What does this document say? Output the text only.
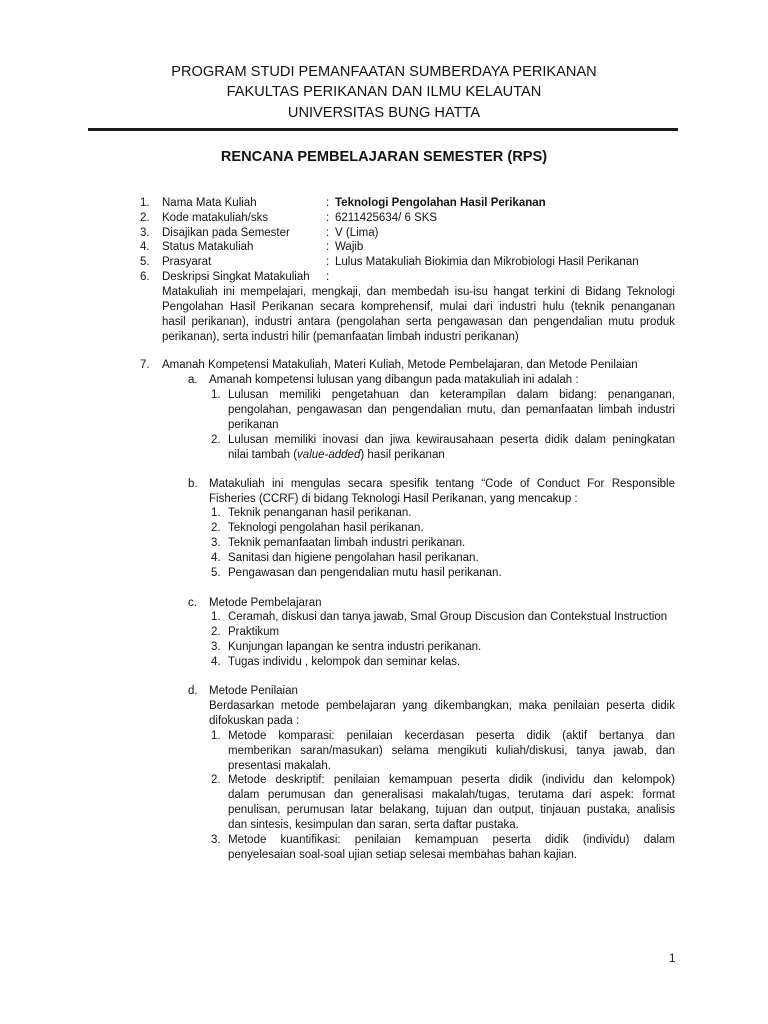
PROGRAM STUDI PEMANFAATAN SUMBERDAYA PERIKANAN
FAKULTAS PERIKANAN DAN ILMU KELAUTAN
UNIVERSITAS BUNG HATTA
RENCANA PEMBELAJARAN SEMESTER (RPS)
1. Nama Mata Kuliah	: Teknologi Pengolahan Hasil Perikanan
2. Kode matakuliah/sks	: 6211425634/ 6 SKS
3. Disajikan pada Semester	: V (Lima)
4. Status Matakuliah	: Wajib
5. Prasyarat	: Lulus Matakuliah Biokimia dan Mikrobiologi Hasil Perikanan
6. Deskripsi Singkat Matakuliah :
Matakuliah ini mempelajari, mengkaji, dan membedah isu-isu hangat terkini di Bidang Teknologi
Pengolahan Hasil Perikanan secara komprehensif, mulai dari industri hulu (teknik penanganan
hasil perikanan), industri antara (pengolahan serta pengawasan dan pengendalian mutu produk
perikanan), serta industri hilir (pemanfaatan limbah industri perikanan)
7. Amanah Kompetensi Matakuliah, Materi Kuliah, Metode Pembelajaran, dan Metode Penilaian
a. Amanah kompetensi lulusan yang dibangun pada matakuliah ini adalah :
1. Lulusan memiliki pengetahuan dan keterampilan dalam bidang: penanganan,
pengolahan, pengawasan dan pengendalian mutu, dan pemanfaatan limbah industri
perikanan
2. Lulusan memiliki inovasi dan jiwa kewirausahaan peserta didik dalam peningkatan
nilai tambah (value-added) hasil perikanan
b. Matakuliah ini mengulas secara spesifik tentang “Code of Conduct For Responsible
Fisheries (CCRF) di bidang Teknologi Hasil Perikanan, yang mencakup :
1. Teknik penanganan hasil perikanan.
2. Teknologi pengolahan hasil perikanan.
3. Teknik pemanfaatan limbah industri perikanan.
4. Sanitasi dan higiene pengolahan hasil perikanan.
5. Pengawasan dan pengendalian mutu hasil perikanan.
c. Metode Pembelajaran
1. Ceramah, diskusi dan tanya jawab, Smal Group Discusion dan Contekstual Instruction
2. Praktikum
3. Kunjungan lapangan ke sentra industri perikanan.
4. Tugas individu , kelompok dan seminar kelas.
d. Metode Penilaian
Berdasarkan metode pembelajaran yang dikembangkan, maka penilaian peserta didik
difokuskan pada :
1. Metode komparasi: penilaian kecerdasan peserta didik (aktif bertanya dan
memberikan saran/masukan) selama mengikuti kuliah/diskusi, tanya jawab, dan
presentasi makalah.
2. Metode deskriptif: penilaian kemampuan peserta didik (individu dan kelompok)
dalam perumusan dan generalisasi makalah/tugas, terutama dari aspek: format
penulisan, perumusan latar belakang, tujuan dan output, tinjauan pustaka, analisis
dan sintesis, kesimpulan dan saran, serta daftar pustaka.
3. Metode kuantifikasi: penilaian kemampuan peserta didik (individu) dalam
penyelesaian soal-soal ujian setiap selesai membahas bahan kajian.
1
